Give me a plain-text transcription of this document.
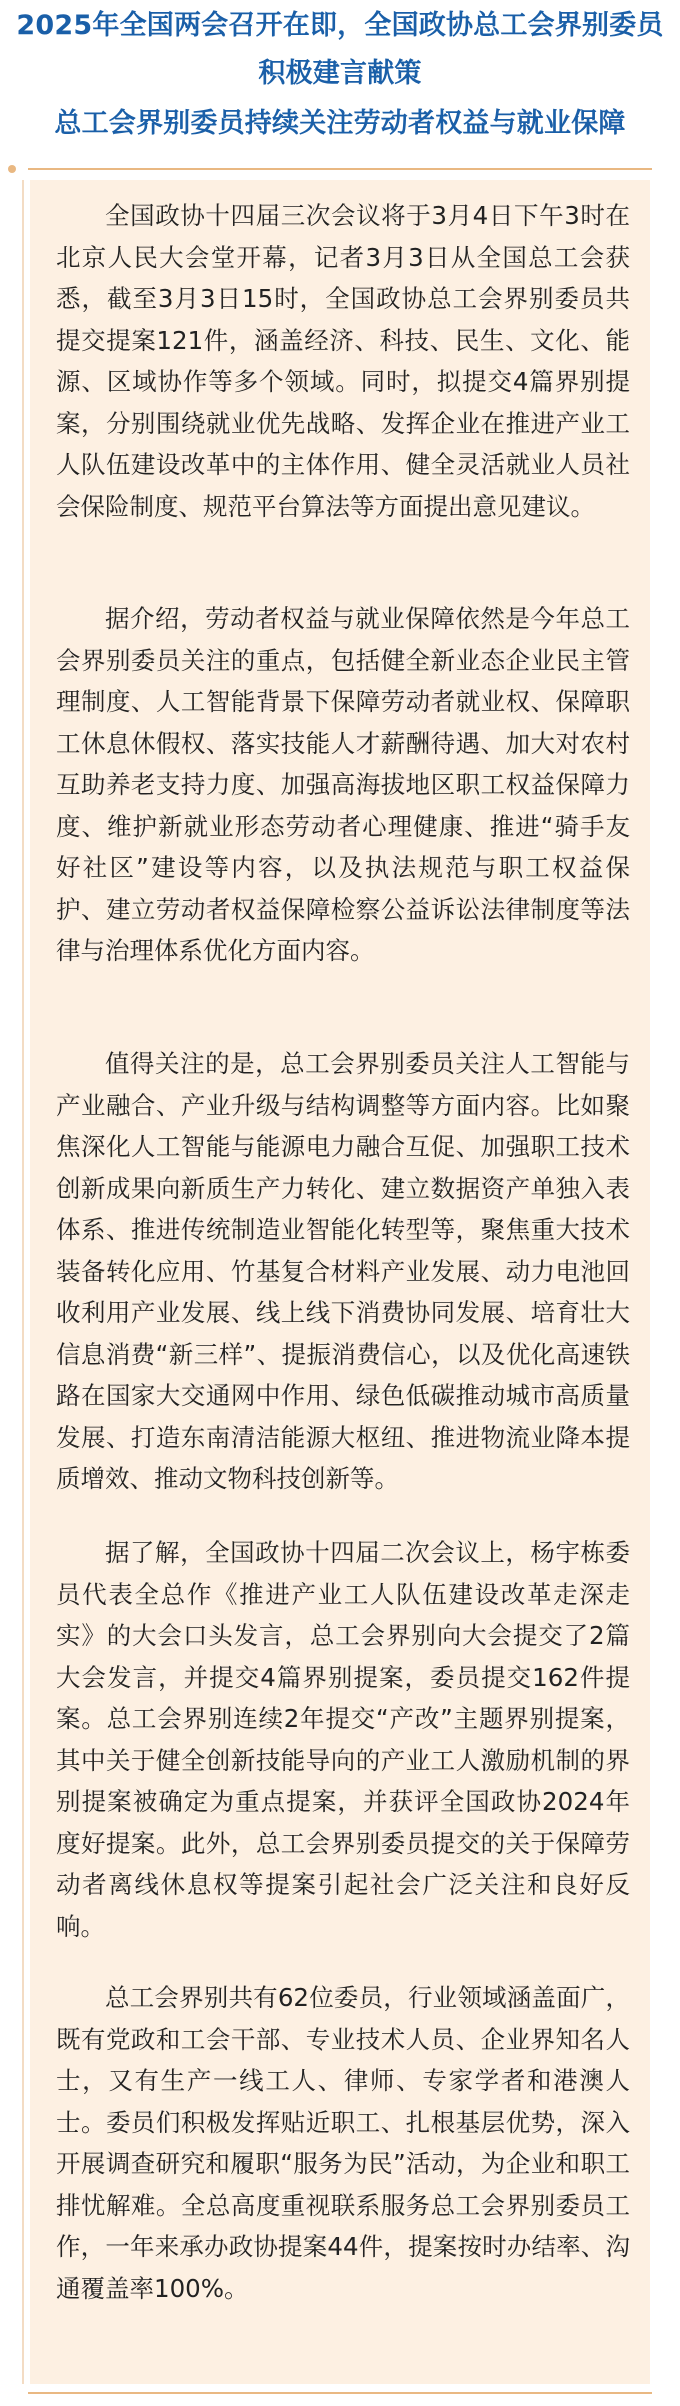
2025年全国两会召开在即，全国政协总工会界别委员
积极建言献策
总工会界别委员持续关注劳动者权益与就业保障

全国政协十四届三次会议将于3月4日下午3时在北京人民大会堂开幕，记者3月3日从全国总工会获悉，截至3月3日15时，全国政协总工会界别委员共提交提案121件，涵盖经济、科技、民生、文化、能源、区域协作等多个领域。同时，拟提交4篇界别提案，分别围绕就业优先战略、发挥企业在推进产业工人队伍建设改革中的主体作用、健全灵活就业人员社会保险制度、规范平台算法等方面提出意见建议。

据介绍，劳动者权益与就业保障依然是今年总工会界别委员关注的重点，包括健全新业态企业民主管理制度、人工智能背景下保障劳动者就业权、保障职工休息休假权、落实技能人才薪酬待遇、加大对农村互助养老支持力度、加强高海拔地区职工权益保障力度、维护新就业形态劳动者心理健康、推进“骑手友好社区”建设等内容，以及执法规范与职工权益保护、建立劳动者权益保障检察公益诉讼法律制度等法律与治理体系优化方面内容。

值得关注的是，总工会界别委员关注人工智能与产业融合、产业升级与结构调整等方面内容。比如聚焦深化人工智能与能源电力融合互促、加强职工技术创新成果向新质生产力转化、建立数据资产单独入表体系、推进传统制造业智能化转型等，聚焦重大技术装备转化应用、竹基复合材料产业发展、动力电池回收利用产业发展、线上线下消费协同发展、培育壮大信息消费“新三样”、提振消费信心，以及优化高速铁路在国家大交通网中作用、绿色低碳推动城市高质量发展、打造东南清洁能源大枢纽、推进物流业降本提质增效、推动文物科技创新等。

据了解，全国政协十四届二次会议上，杨宇栋委员代表全总作《推进产业工人队伍建设改革走深走实》的大会口头发言，总工会界别向大会提交了2篇大会发言，并提交4篇界别提案，委员提交162件提案。总工会界别连续2年提交“产改”主题界别提案，其中关于健全创新技能导向的产业工人激励机制的界别提案被确定为重点提案，并获评全国政协2024年度好提案。此外，总工会界别委员提交的关于保障劳动者离线休息权等提案引起社会广泛关注和良好反响。

总工会界别共有62位委员，行业领域涵盖面广，既有党政和工会干部、专业技术人员、企业界知名人士，又有生产一线工人、律师、专家学者和港澳人士。委员们积极发挥贴近职工、扎根基层优势，深入开展调查研究和履职“服务为民”活动，为企业和职工排忧解难。全总高度重视联系服务总工会界别委员工作，一年来承办政协提案44件，提案按时办结率、沟通覆盖率100%。
